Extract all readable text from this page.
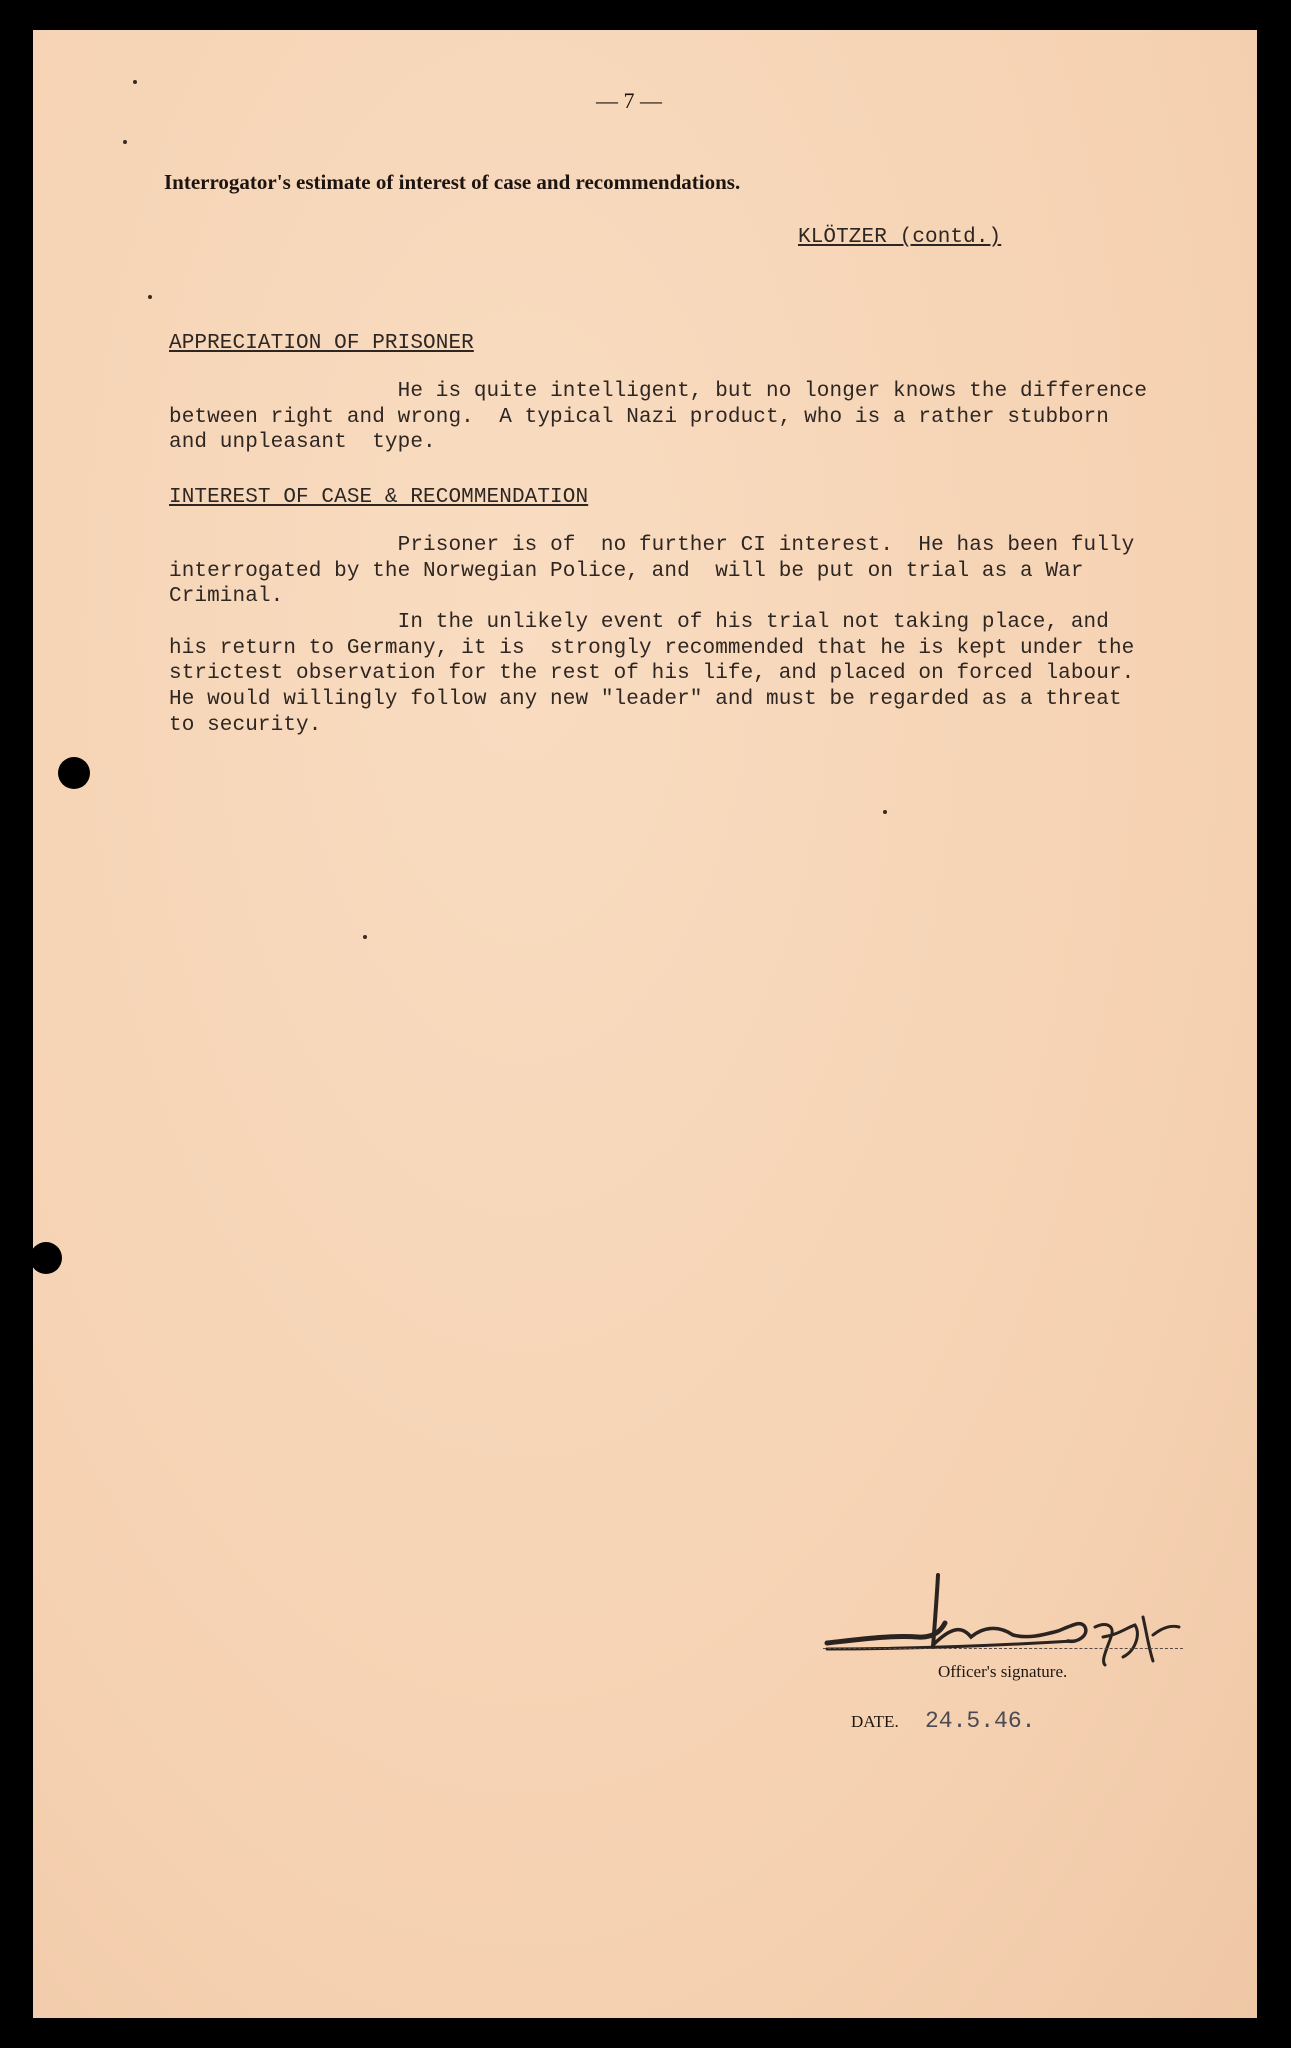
— 7 —
Interrogator's estimate of interest of case and recommendations.
KLÖTZER (contd.)
APPRECIATION OF PRISONER
He is quite intelligent, but no longer knows the difference
between right and wrong.  A typical Nazi product, who is a rather stubborn
and unpleasant  type.
INTEREST OF CASE & RECOMMENDATION
Prisoner is of  no further CI interest.  He has been fully
interrogated by the Norwegian Police, and  will be put on trial as a War
Criminal.
In the unlikely event of his trial not taking place, and
his return to Germany, it is  strongly recommended that he is kept under the
strictest observation for the rest of his life, and placed on forced labour.
He would willingly follow any new "leader" and must be regarded as a threat
to security.
Officer's signature.
DATE. 24.5.46.
